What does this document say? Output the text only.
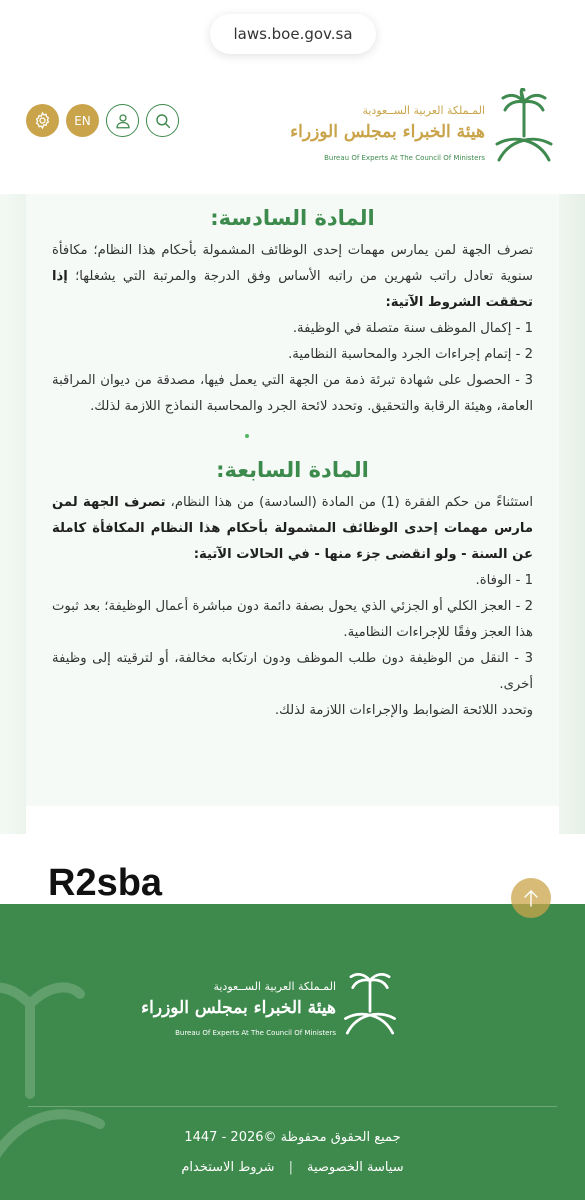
laws.boe.gov.sa
EN
المـملكة العربية الســعودية
هيئة الخبراء بمجلس الوزراء
Bureau Of Experts At The Council Of Ministers
المادة السادسة:

تصرف الجهة لمن يمارس مهمات إحدى الوظائف المشمولة بأحكام هذا النظام؛ مكافأة سنوية تعادل راتب شهرين من راتبه الأساس وفق الدرجة والمرتبة التي يشغلها؛ إذا تحققت الشروط الآتية:

1 - إكمال الموظف سنة متصلة في الوظيفة.

2 - إتمام إجراءات الجرد والمحاسبة النظامية.

3 - الحصول على شهادة تبرئة ذمة من الجهة التي يعمل فيها، مصدقة من ديوان المراقبة العامة، وهيئة الرقابة والتحقيق. وتحدد لائحة الجرد والمحاسبة النماذج اللازمة لذلك.

المادة السابعة:

استثناءً من حكم الفقرة (1) من المادة (السادسة) من هذا النظام، تصرف الجهة لمن مارس مهمات إحدى الوظائف المشمولة بأحكام هذا النظام المكافأة كاملة عن السنة - ولو انقضى جزء منها - في الحالات الآتية:

1 - الوفاة.

2 - العجز الكلي أو الجزئي الذي يحول بصفة دائمة دون مباشرة أعمال الوظيفة؛ بعد ثبوت هذا العجز وفقًا للإجراءات النظامية.

3 - النقل من الوظيفة دون طلب الموظف ودون ارتكابه مخالفة، أو لترقيته إلى وظيفة أخرى.

وتحدد اللائحة الضوابط والإجراءات اللازمة لذلك.

R2sba
المـملكة العربية الســعودية
هيئة الخبراء بمجلس الوزراء
Bureau Of Experts At The Council Of Ministers
جميع الحقوق محفوظة ©2026 - 1447
سياسة الخصوصية|شروط الاستخدام
